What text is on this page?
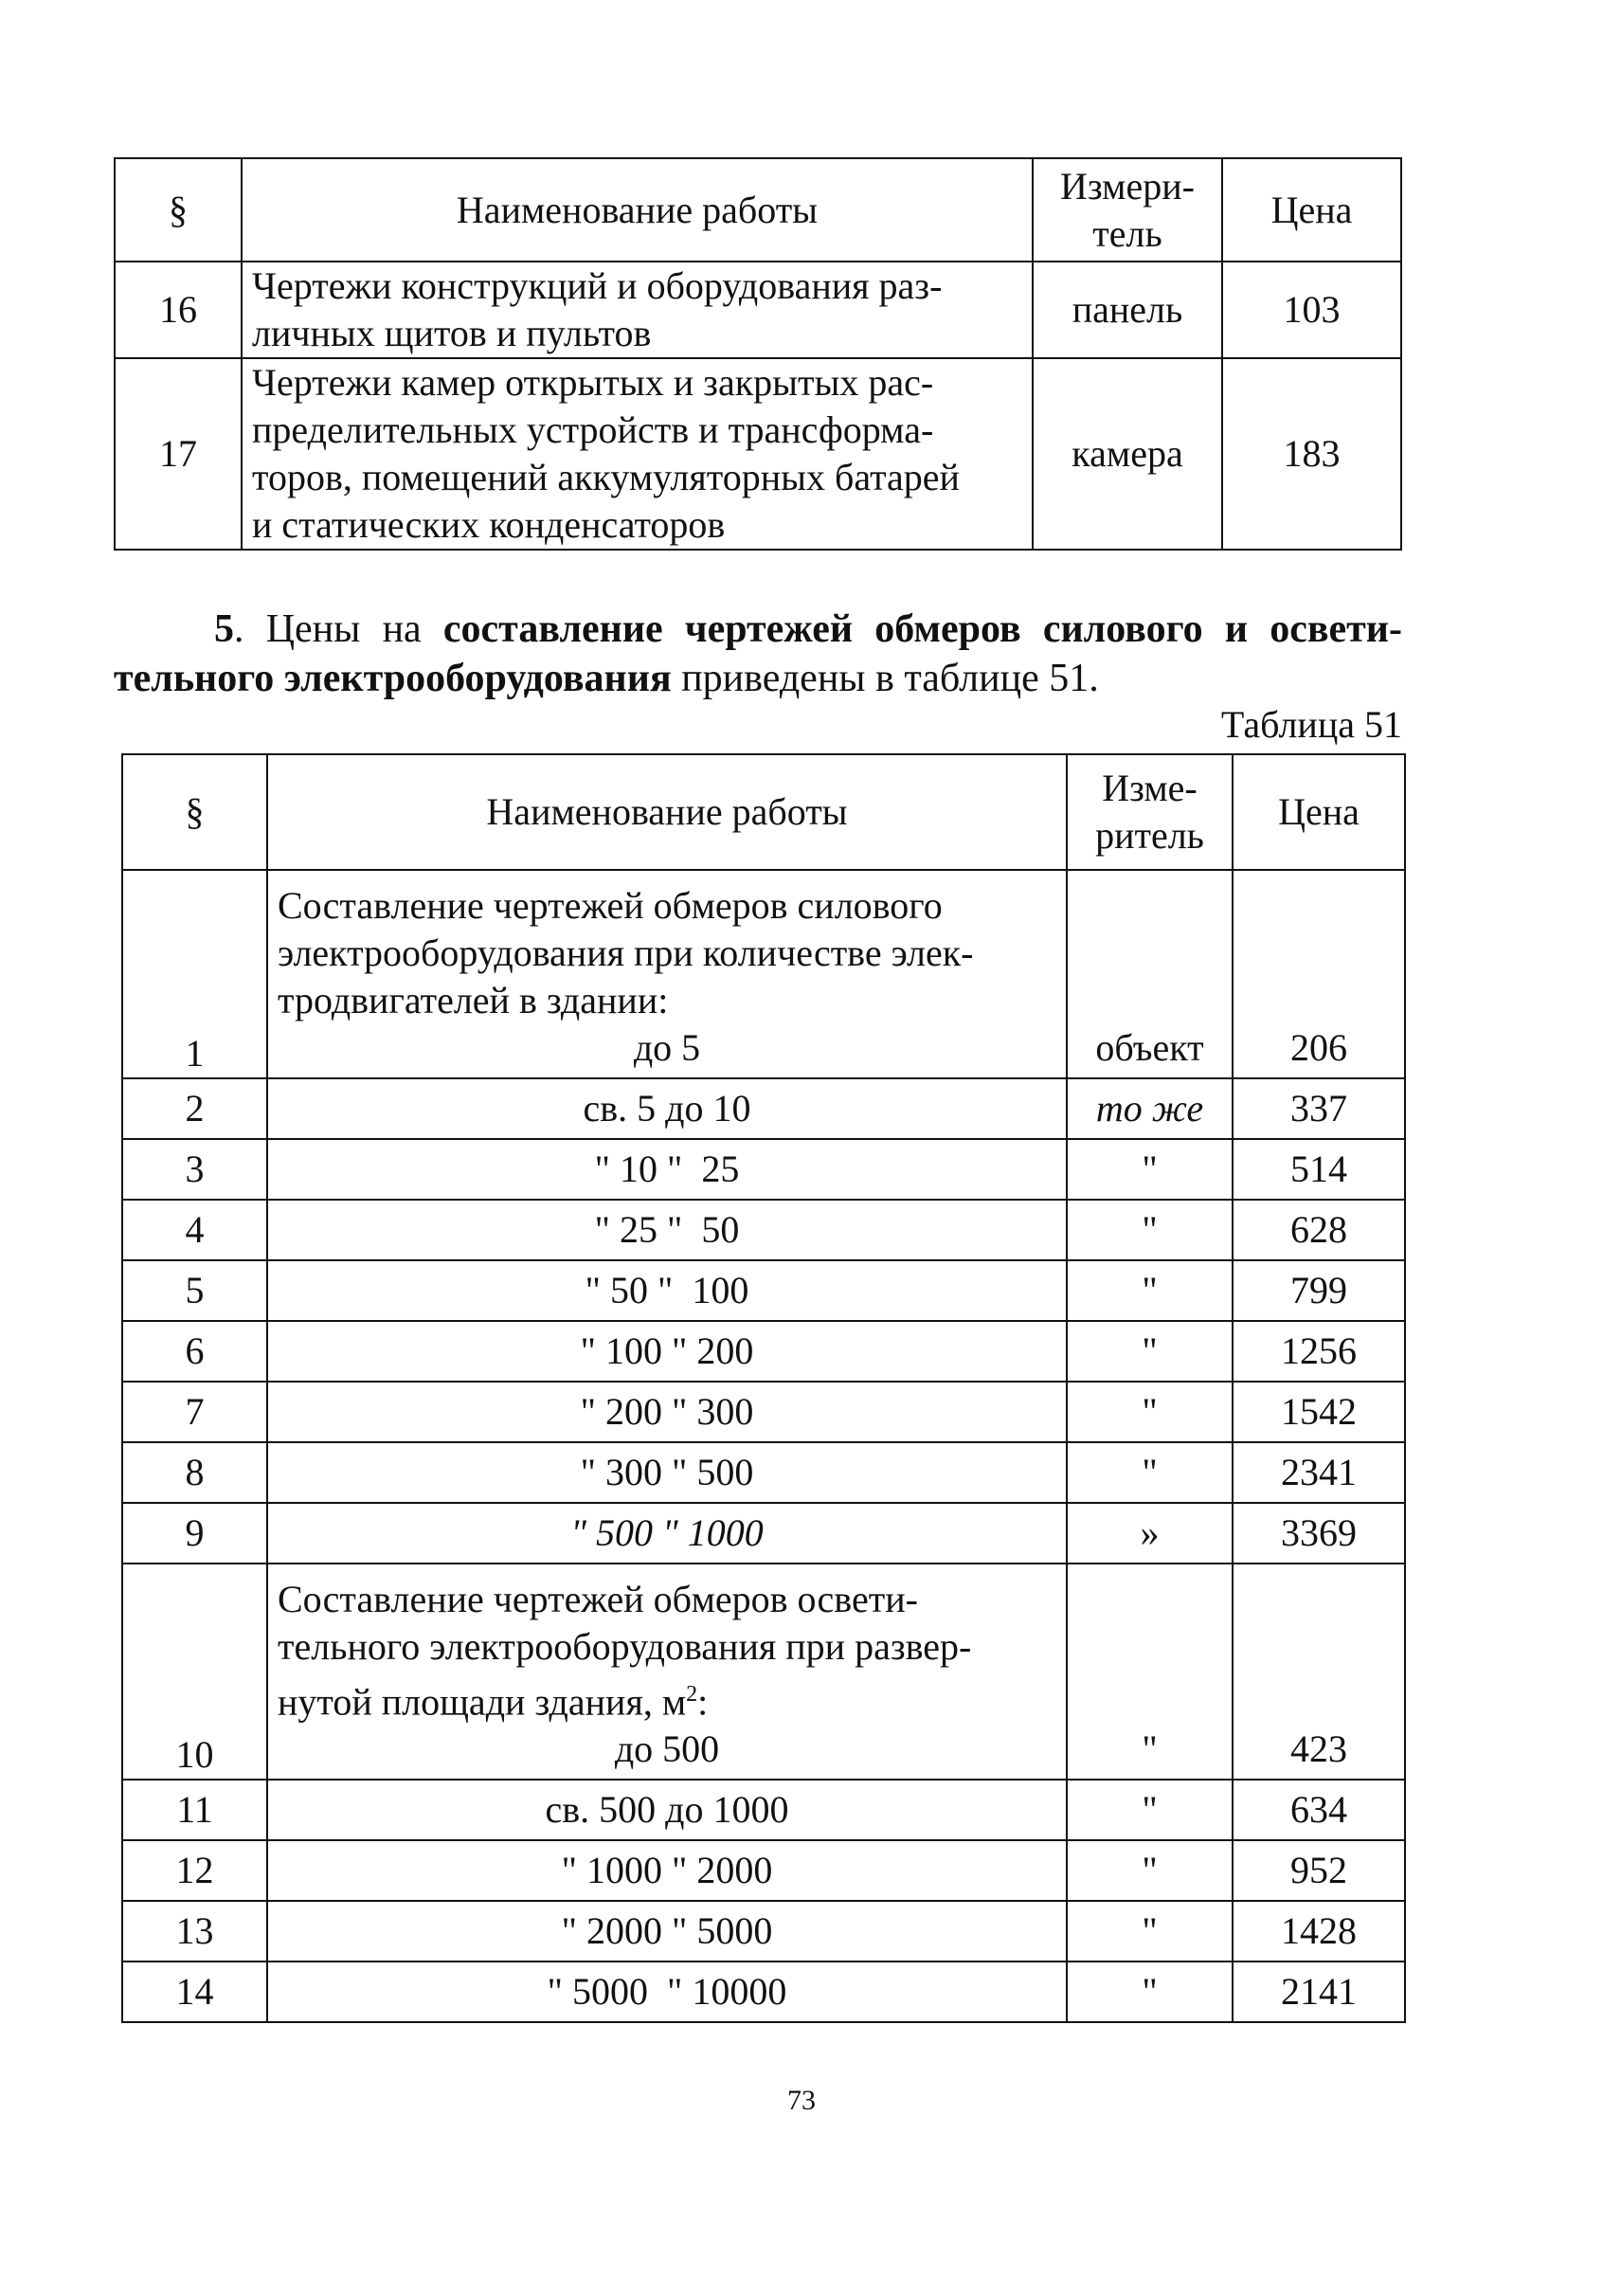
§	Наименование работы	Измери-
тель	Цена
16	Чертежи конструкций и оборудования раз-
личных щитов и пультов	панель	103
17	Чертежи камер открытых и закрытых рас-
пределительных устройств и трансформа-
торов, помещений аккумуляторных батарей
и статических конденсаторов	камера	183
5. Цены на составление чертежей обмеров силового и освети-тельного электрооборудования приведены в таблице 51.
Таблица 51
§	Наименование работы	Изме-
ритель	Цена
1	Составление чертежей обмеров силового
электрооборудования при количестве элек-
тродвигателей в здании:
до 5	объект	206
2	св. 5 до 10	то же	337
3	" 10 "  25	"	514
4	" 25 "  50	"	628
5	" 50 "  100	"	799
6	" 100 " 200	"	1256
7	" 200 " 300	"	1542
8	" 300 " 500	"	2341
9	" 500 " 1000	»	3369
10	Составление чертежей обмеров освети-
тельного электрооборудования при развер-
нутой площади здания, $м^2$:
до 500	"	423
11	св. 500 до 1000	"	634
12	" 1000 " 2000	"	952
13	" 2000 " 5000	"	1428
14	" 5000  " 10000	"	2141
73
